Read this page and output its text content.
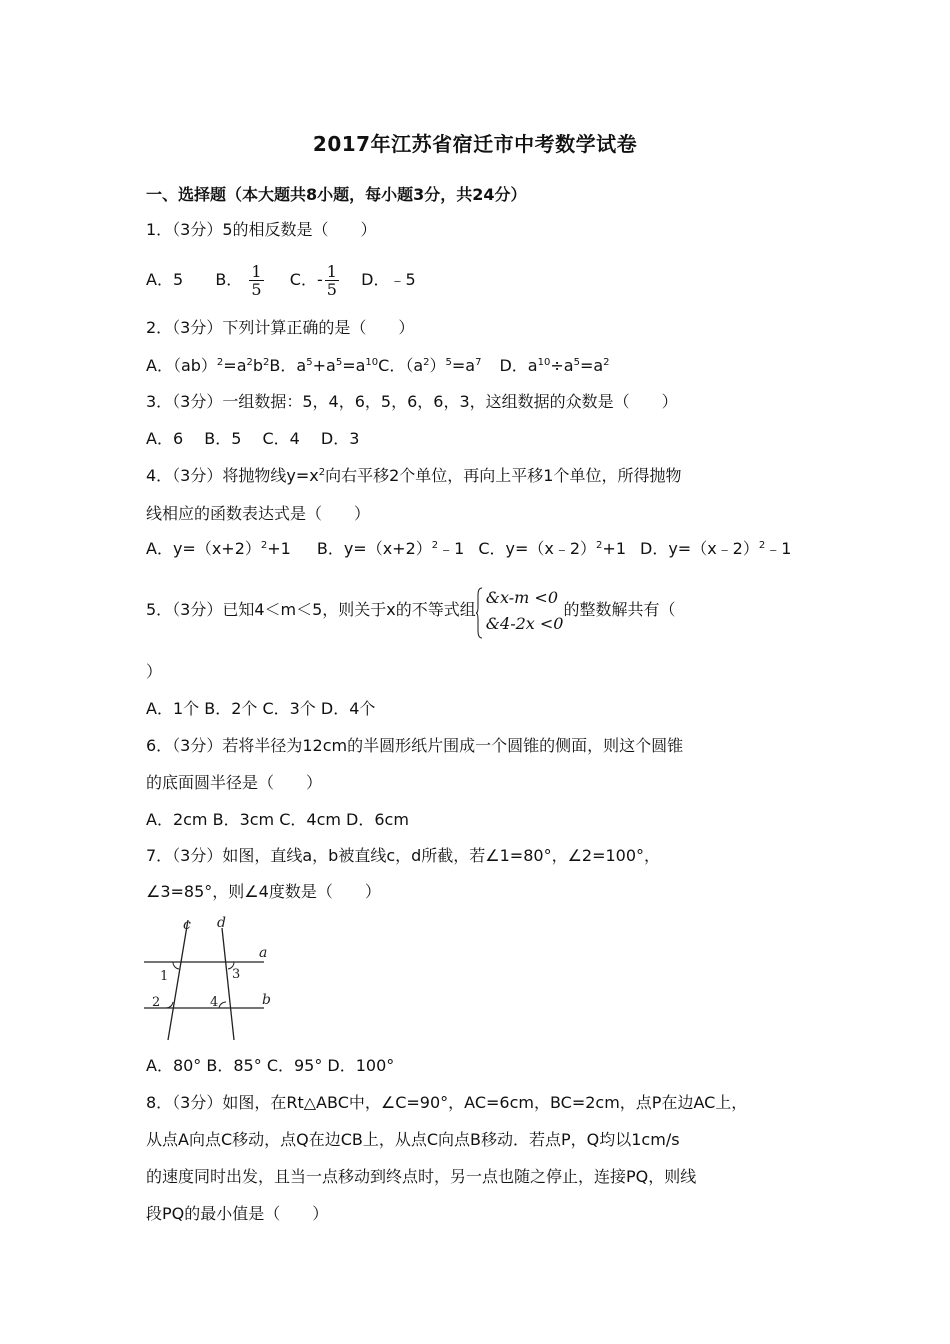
2017年江苏省宿迁市中考数学试卷
一、选择题（本大题共8小题，每小题3分，共24分）
1．（3分）5的相反数是（　　）
A．5 B． $\frac{1}{5}$ C．- $\frac{1}{5}$ D．﹣5
2．（3分）下列计算正确的是（　　）
A．$(ab)^2=a^2b^2B$．$a^5+a^5=a^{10}C$．$(a^2)^5=a^7$ D．$a^{10}\div a^5=a^2$
3．（3分）一组数据：5，4，6，5，6，6，3，这组数据的众数是（　　）
A．6　 B．5　 C．4　 D．3
4．（3分）将抛物线$y=x^2$向右平移2个单位，再向上平移1个单位，所得抛物
线相应的函数表达式是（　　）
A．$y=(x+2)^2+1$ B．$y=(x+2)^2﹣1$ C．y=（x﹣2）$^2$+1 D．y=（x﹣2）$^2$﹣1
5．（3分）已知4＜m＜5，则关于x的不等式组
&x-m <0
&4-2x <0
的整数解共有（
）
A．1个 B．2个 C．3个 D．4个
6．（3分）若将半径为12cm的半圆形纸片围成一个圆锥的侧面，则这个圆锥
的底面圆半径是（　　）
A．2cm B．3cm C．4cm D．6cm
7．（3分）如图，直线a，b被直线c，d所截，若∠1=80°，∠2=100°，
∠3=85°，则∠4度数是（　　）
c d
a
b
1
2
3
4
A．80° B．85° C．95° D．100°
8．（3分）如图，在Rt△ABC中，∠C=90°，AC=6cm，BC=2cm，点P在边AC上，
从点A向点C移动，点Q在边CB上，从点C向点B移动．若点P，Q均以1cm/s
的速度同时出发，且当一点移动到终点时，另一点也随之停止，连接PQ，则线
段PQ的最小值是（　　）
